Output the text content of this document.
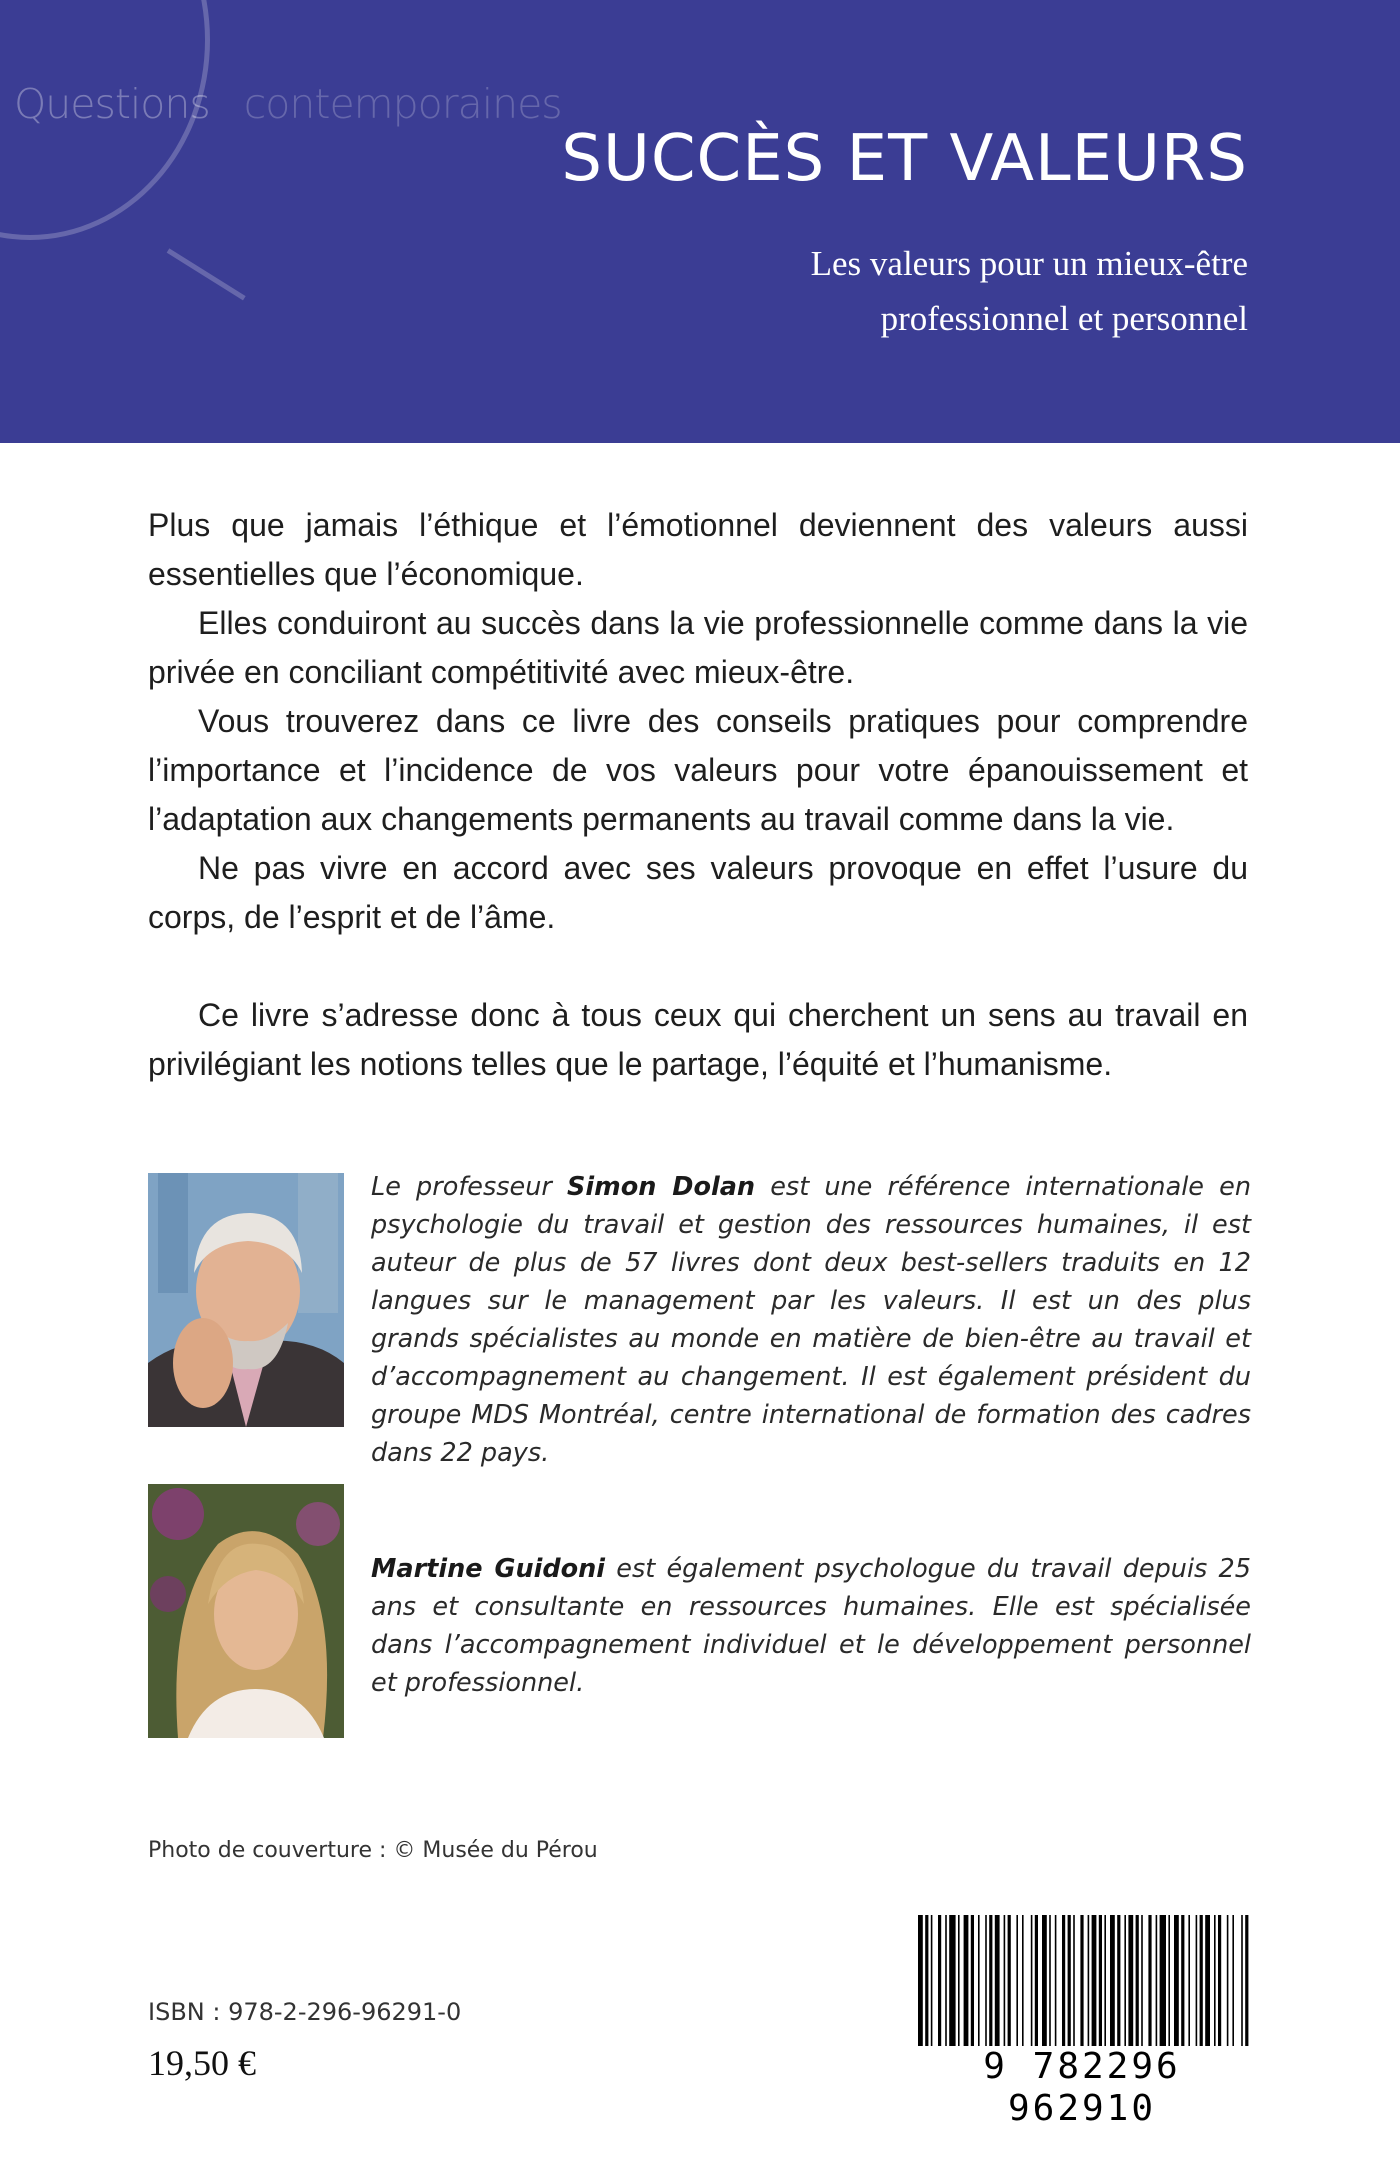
Questions contemporaines

SUCCÈS ET VALEURS

Les valeurs pour un mieux-être
professionnel et personnel

Plus que jamais l’éthique et l’émotionnel deviennent des valeurs aussi essentielles que l’économique.

Elles conduiront au succès dans la vie professionnelle comme dans la vie privée en conciliant compétitivité avec mieux-être.

Vous trouverez dans ce livre des conseils pratiques pour comprendre l’importance et l’incidence de vos valeurs pour votre épanouissement et l’adaptation aux changements permanents au travail comme dans la vie.

Ne pas vivre en accord avec ses valeurs provoque en effet l’usure du corps, de l’esprit et de l’âme.

Ce livre s’adresse donc à tous ceux qui cherchent un sens au travail en privilégiant les notions telles que le partage, l’équité et l’humanisme.

Le professeur Simon Dolan est une référence internationale en psychologie du travail et gestion des ressources humaines, il est auteur de plus de 57 livres dont deux best-sellers traduits en 12 langues sur le management par les valeurs. Il est un des plus grands spécialistes au monde en matière de bien-être au travail et d’accompagnement au changement. Il est également président du groupe MDS Montréal, centre international de formation des cadres dans 22 pays.

Martine Guidoni est également psychologue du travail depuis 25 ans et consultante en ressources humaines. Elle est spécialisée dans l’accompagnement individuel et le développement personnel et professionnel.

Photo de couverture : © Musée du Pérou

ISBN : 978-2-296-96291-0

19,50 €	9 782296 962910
